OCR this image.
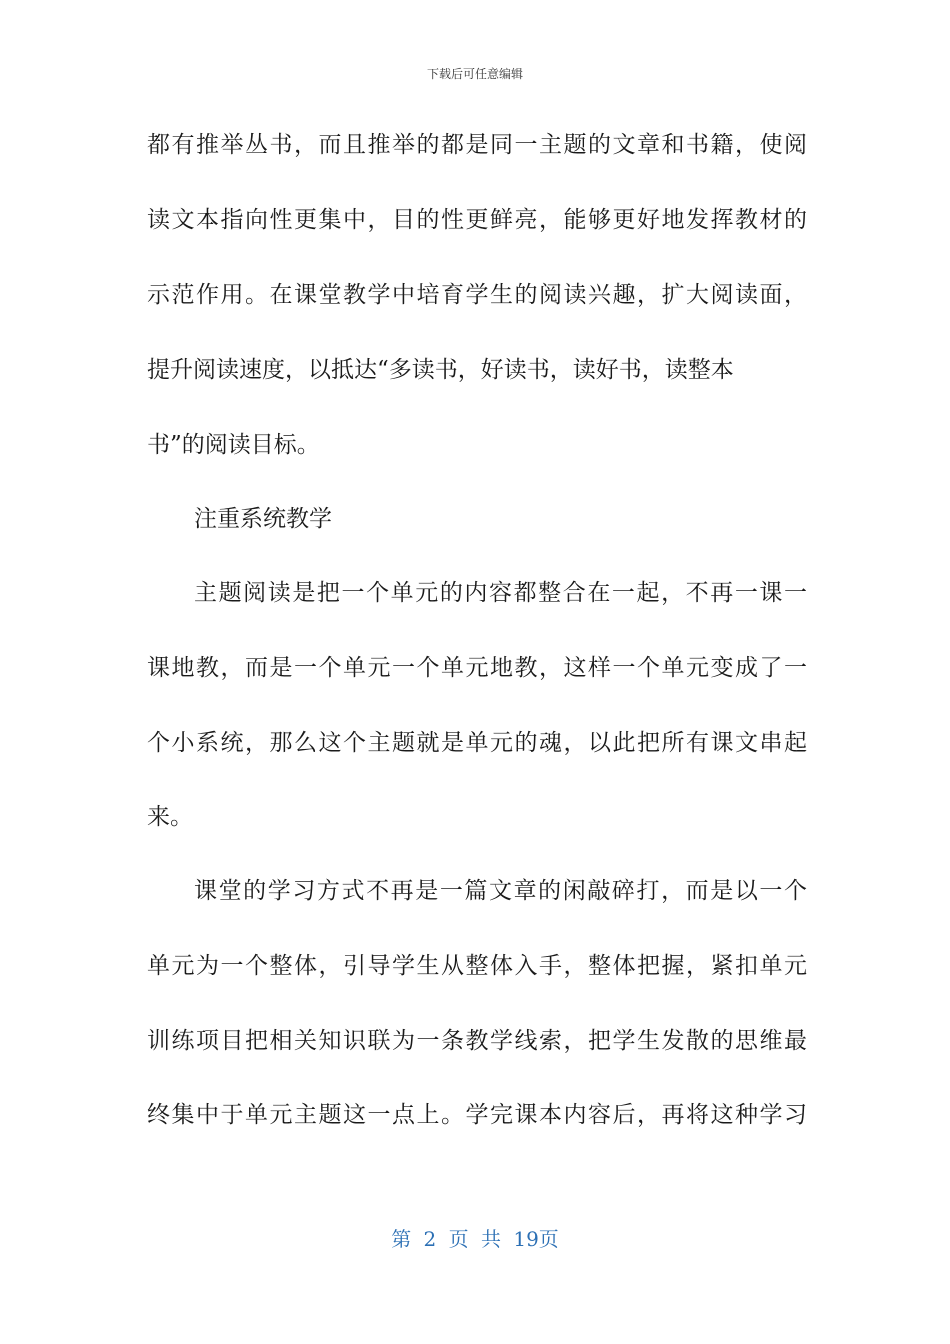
下载后可任意编辑
都有推举丛书，而且推举的都是同一主题的文章和书籍，使阅
读文本指向性更集中，目的性更鲜亮，能够更好地发挥教材的
示范作用。在课堂教学中培育学生的阅读兴趣，扩大阅读面，
提升阅读速度，以抵达“多读书，好读书，读好书，读整本
书”的阅读目标。
注重系统教学
主题阅读是把一个单元的内容都整合在一起，不再一课一
课地教，而是一个单元一个单元地教，这样一个单元变成了一
个小系统，那么这个主题就是单元的魂，以此把所有课文串起
来。
课堂的学习方式不再是一篇文章的闲敲碎打，而是以一个
单元为一个整体，引导学生从整体入手，整体把握，紧扣单元
训练项目把相关知识联为一条教学线索，把学生发散的思维最
终集中于单元主题这一点上。学完课本内容后，再将这种学习
第 2 页 共 19页
